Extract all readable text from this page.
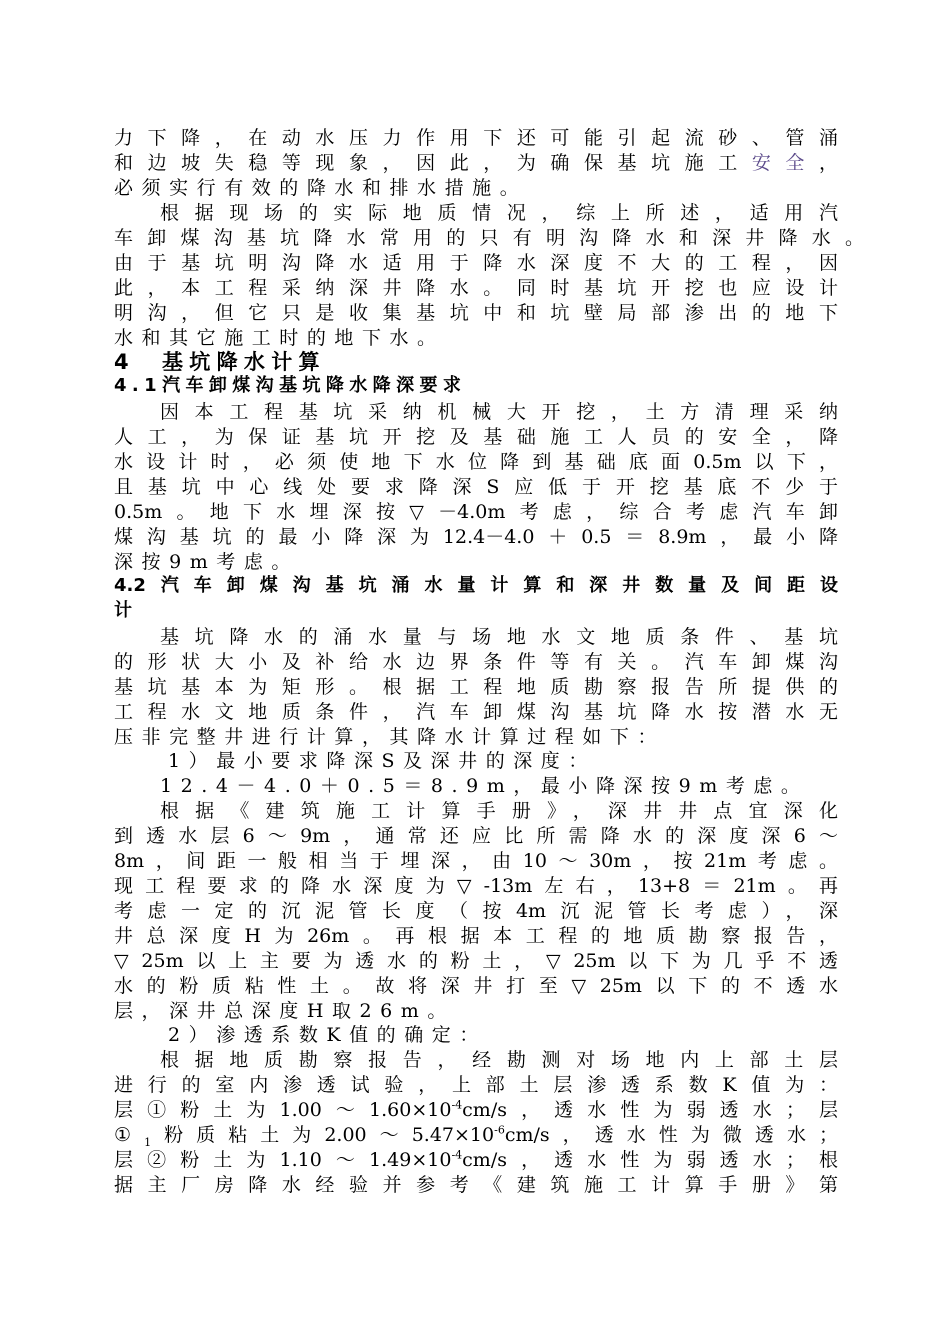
力下降，在动水压力作用下还可能引起流砂、管涌
和边坡失稳等现象，因此，为确保基坑施工安全，
必须实行有效的降水和排水措施。
根据现场的实际地质情况，综上所述，适用汽
车卸煤沟基坑降水常用的只有明沟降水和深井降水。
由于基坑明沟降水适用于降水深度不大的工程，因
此，本工程采纳深井降水。同时基坑开挖也应设计
明沟，但它只是收集基坑中和坑壁局部渗出的地下
水和其它施工时的地下水。
4 基坑降水计算
4.1汽车卸煤沟基坑降水降深要求
因本工程基坑采纳机械大开挖，土方清理采纳
人工，为保证基坑开挖及基础施工人员的安全，降
水设计时，必须使地下水位降到基础底面0.5m以下，
且基坑中心线处要求降深S应低于开挖基底不少于
0.5m。地下水埋深按▽－4.0m考虑，综合考虑汽车卸
煤沟基坑的最小降深为12.4－4.0＋0.5＝8.9m，最小降
深按9m考虑。
4.2汽车卸煤沟基坑涌水量计算和深井数量及间距设
计
基坑降水的涌水量与场地水文地质条件、基坑
的形状大小及补给水边界条件等有关。汽车卸煤沟
基坑基本为矩形。根据工程地质勘察报告所提供的
工程水文地质条件，汽车卸煤沟基坑降水按潜水无
压非完整井进行计算，其降水计算过程如下：
1）最小要求降深S及深井的深度：
12.4－4.0＋0.5＝8.9m，最小降深按9m考虑。
根据《建筑施工计算手册》，深井井点宜深化
到透水层6～9m，通常还应比所需降水的深度深6～
8m，间距一般相当于埋深，由10～30m，按21m考虑。
现工程要求的降水深度为▽-13m左右，13+8＝21m。再
考虑一定的沉泥管长度（按4m沉泥管长考虑），深
井总深度H为26m。再根据本工程的地质勘察报告，
▽25m以上主要为透水的粉土，▽25m以下为几乎不透
水的粉质粘性土。故将深井打至▽25m以下的不透水
层，深井总深度H取26m。
2）渗透系数K值的确定：
根据地质勘察报告，经勘测对场地内上部土层
进行的室内渗透试验，上部土层渗透系数K值为：
层①粉土为$1.00\sim 1.60\times 10^{-4}cm/s$，透水性为弱透水；层
$①_1$粉质粘土为$2.00\sim 5.47\times 10^{-6}cm/s$，透水性为微透水；
层②粉土为$1.10\sim 1.49\times 10^{-4}cm/s$，透水性为弱透水；根
据主厂房降水经验并参考《建筑施工计算手册》第
